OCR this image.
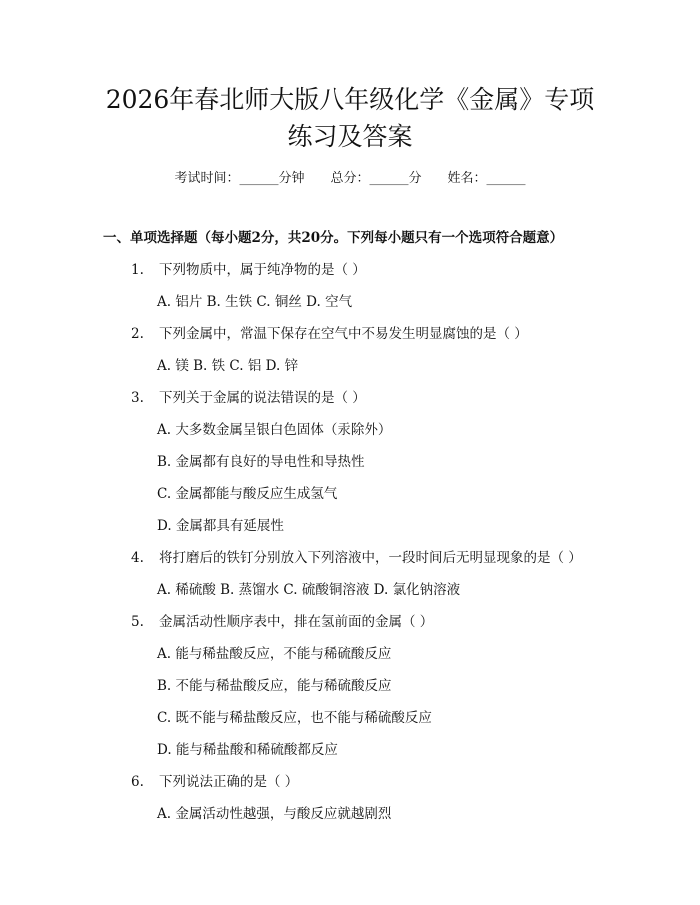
2026年春北师大版八年级化学《金属》专项
练习及答案
考试时间：______分钟 总分：______分 姓名：______
一、单项选择题（每小题2分，共20分。下列每小题只有一个选项符合题意）
1.	下列物质中，属于纯净物的是（ ）
A. 铝片 B. 生铁 C. 铜丝 D. 空气
2.	下列金属中，常温下保存在空气中不易发生明显腐蚀的是（ ）
A. 镁 B. 铁 C. 铝 D. 锌
3.	下列关于金属的说法错误的是（ ）
A. 大多数金属呈银白色固体（汞除外）
B. 金属都有良好的导电性和导热性
C. 金属都能与酸反应生成氢气
D. 金属都具有延展性
4.	将打磨后的铁钉分别放入下列溶液中，一段时间后无明显现象的是（ ）
A. 稀硫酸 B. 蒸馏水 C. 硫酸铜溶液 D. 氯化钠溶液
5.	金属活动性顺序表中，排在氢前面的金属（ ）
A. 能与稀盐酸反应，不能与稀硫酸反应
B. 不能与稀盐酸反应，能与稀硫酸反应
C. 既不能与稀盐酸反应，也不能与稀硫酸反应
D. 能与稀盐酸和稀硫酸都反应
6.	下列说法正确的是（ ）
A. 金属活动性越强，与酸反应就越剧烈
